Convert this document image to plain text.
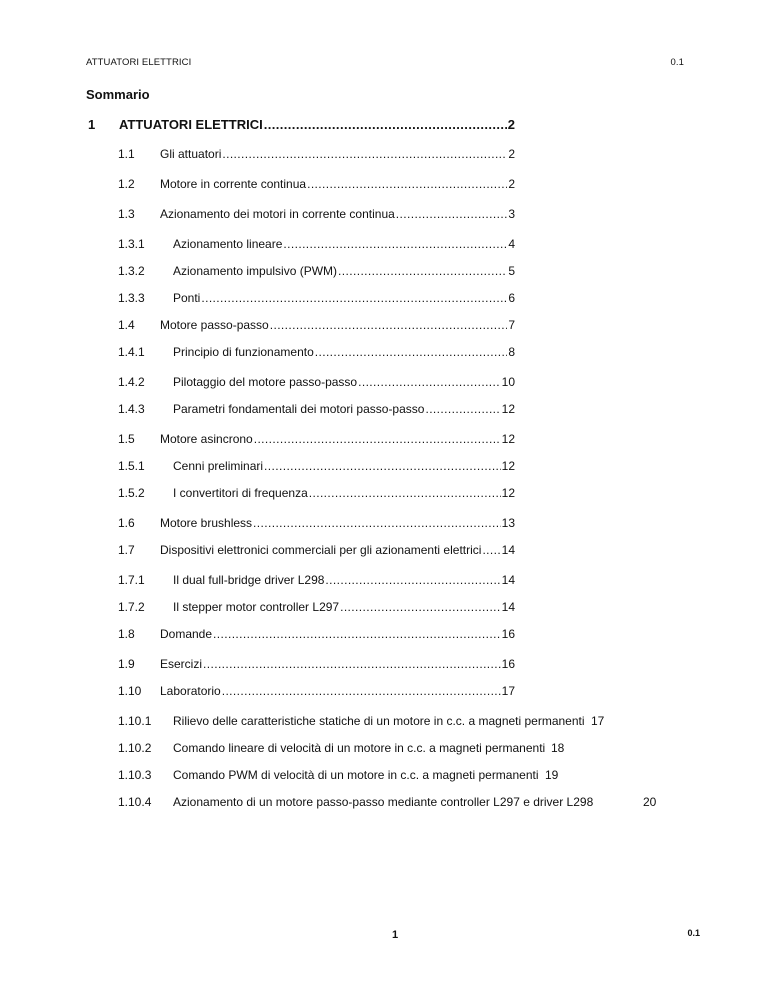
ATTUATORI ELETTRICI	0.1
Sommario
1 ATTUATORI ELETTRICI .....	2
1.1 Gli attuatori .....	2
1.2 Motore in corrente continua .....	2
1.3 Azionamento dei motori in corrente continua .....	3
1.3.1 Azionamento lineare .....	4
1.3.2 Azionamento impulsivo (PWM) .....	5
1.3.3 Ponti .....	6
1.4 Motore passo-passo .....	7
1.4.1 Principio di funzionamento .....	8
1.4.2 Pilotaggio del motore passo-passo .....	10
1.4.3 Parametri fondamentali dei motori passo-passo .....	12
1.5 Motore asincrono .....	12
1.5.1 Cenni preliminari .....	12
1.5.2 I convertitori di frequenza .....	12
1.6 Motore brushless .....	13
1.7 Dispositivi elettronici commerciali per gli azionamenti elettrici ..... 14
1.7.1 Il dual full-bridge driver L298 .....	14
1.7.2 Il stepper motor controller L297 .....	14
1.8 Domande .....	16
1.9 Esercizi .....	16
1.10 Laboratorio .....	17
1.10.1 Rilievo delle caratteristiche statiche di un motore in c.c. a magneti permanenti 17
1.10.2 Comando lineare di velocità di un motore in c.c. a magneti permanenti 18
1.10.3 Comando PWM di velocità di un motore in c.c. a magneti permanenti 19
1.10.4 Azionamento di un motore passo-passo mediante controller L297 e driver L298	20
1	0.1
